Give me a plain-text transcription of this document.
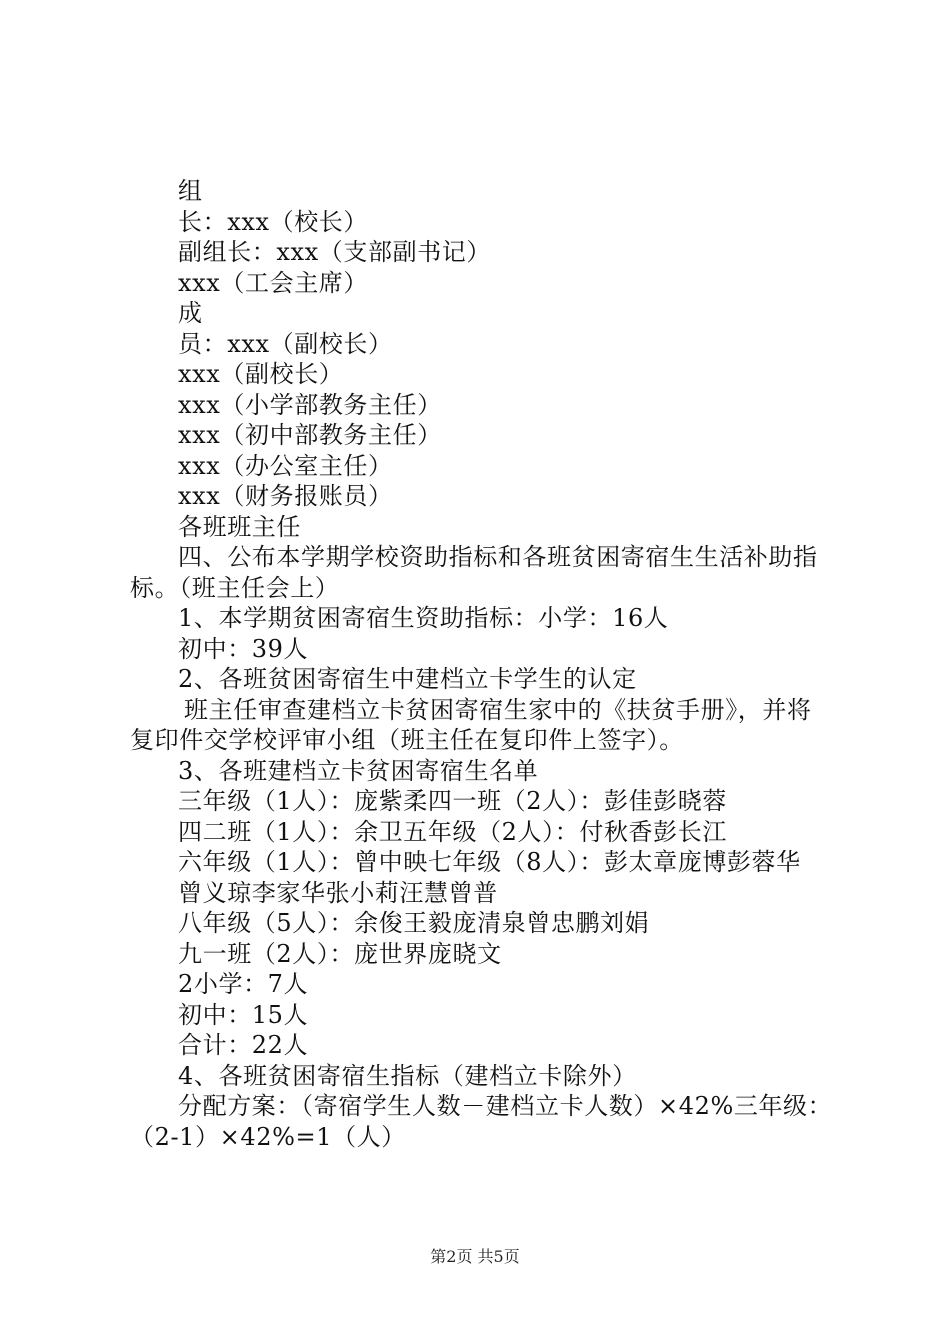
组
长：xxx（校长）
副组长：xxx（支部副书记）
xxx（工会主席）
成
员：xxx（副校长）
xxx（副校长）
xxx（小学部教务主任）
xxx（初中部教务主任）
xxx（办公室主任）
xxx（财务报账员）
各班班主任
四、公布本学期学校资助指标和各班贫困寄宿生生活补助指标。（班主任会上）
1、本学期贫困寄宿生资助指标：小学：16人
初中：39人
2、各班贫困寄宿生中建档立卡学生的认定
班主任审查建档立卡贫困寄宿生家中的《扶贫手册》，并将复印件交学校评审小组（班主任在复印件上签字）。
3、各班建档立卡贫困寄宿生名单
三年级（1人）：庞紫柔四一班（2人）：彭佳彭晓蓉
四二班（1人）：余卫五年级（2人）：付秋香彭长江
六年级（1人）：曾中映七年级（8人）：彭太章庞博彭蓉华
曾义琼李家华张小莉汪慧曾普
八年级（5人）：余俊王毅庞清泉曾忠鹏刘娟
九一班（2人）：庞世界庞晓文
2小学：7人
初中：15人
合计：22人
4、各班贫困寄宿生指标（建档立卡除外）
分配方案：（寄宿学生人数－建档立卡人数）×42%三年级：（2-1）×42%=1（人）
第2页 共5页
